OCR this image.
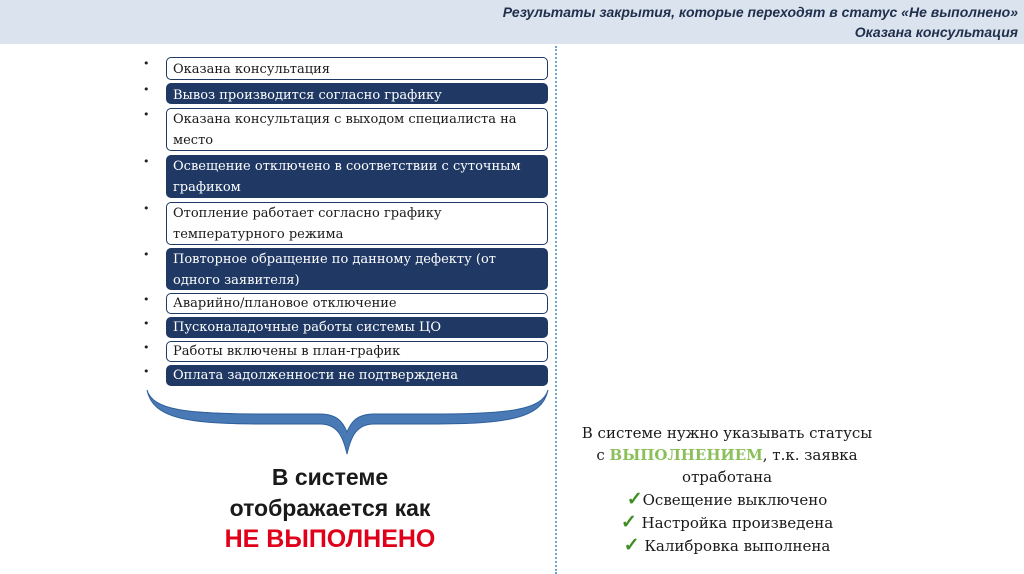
Результаты закрытия, которые переходят в статус «Не выполнено»
Оказана консультация
•	Оказана консультация
•	Вывоз производится согласно графику
•	Оказана консультация с выходом специалиста на место
•	Освещение отключено в соответствии с суточным графиком
•	Отопление работает согласно графику температурного режима
•	Повторное обращение по данному дефекту (от одного заявителя)
•	Аварийно/плановое отключение
•	Пусконаладочные работы системы ЦО
•	Работы включены в план-график
•	Оплата задолженности не подтверждена
В системе
отображается как
НЕ ВЫПОЛНЕНО
В системе нужно указывать статусы
с ВЫПОЛНЕНИЕМ, т.к. заявка
отработана
✓Освещение выключено
✓ Настройка произведена
✓ Калибровка выполнена
